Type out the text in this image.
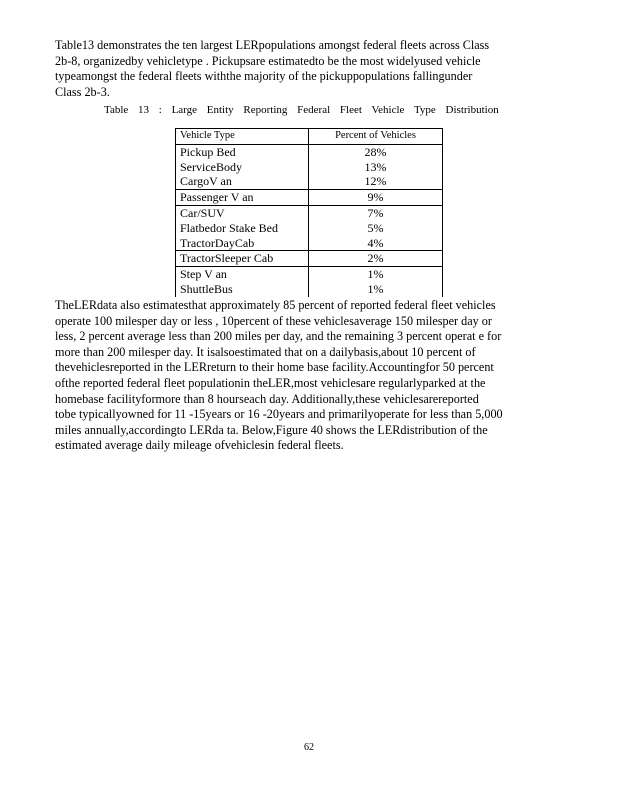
Table13 demonstrates the ten largest LERpopulations amongst federal fleets across Class

2b-8, organizedby vehicletype . Pickupsare estimatedto be the most widelyused vehicle

typeamongst the federal fleets withthe majority of the pickuppopulations fallingunder

Class 2b-3.

Table 13 : Large Entity Reporting Federal Fleet Vehicle Type Distribution
Vehicle Type	Percent of Vehicles
Pickup Bed	28%
ServiceBody	13%
CargoV an	12%
Passenger V an	9%
Car/SUV	7%
Flatbedor Stake Bed	5%
TractorDayCab	4%
TractorSleeper Cab	2%
Step V an	1%
ShuttleBus	1%

TheLERdata also estimatesthat approximately 85 percent of reported federal fleet vehicles

operate 100 milesper day or less , 10percent of these vehiclesaverage 150 milesper day or

less, 2 percent average less than 200 miles per day, and the remaining 3 percent operat e for

more than 200 milesper day. It isalsoestimated that on a dailybasis,about 10 percent of

thevehiclesreported in the LERreturn to their home base facility.Accountingfor 50 percent

ofthe reported federal fleet populationin theLER,most vehiclesare regularlyparked at the

homebase facilityformore than 8 hourseach day. Additionally,these vehiclesarereported

tobe typicallyowned for 11 -15years or 16 -20years and primarilyoperate for less than 5,000

miles annually,accordingto LERda ta. Below,Figure 40 shows the LERdistribution of the

estimated average daily mileage ofvehiclesin federal fleets.

62
